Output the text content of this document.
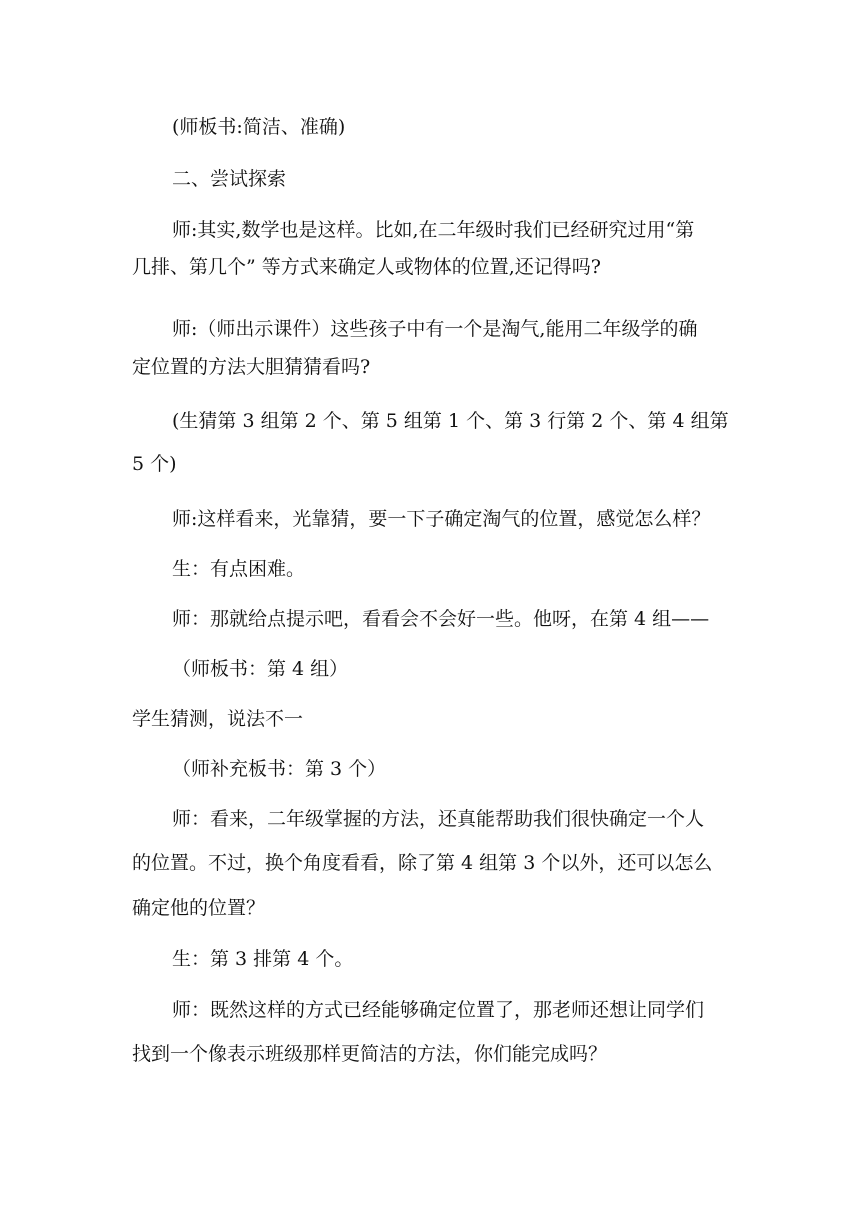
(师板书:简洁、准确)

二、尝试探索

师:其实,数学也是这样。比如,在二年级时我们已经研究过用“第

几排、第几个” 等方式来确定人或物体的位置,还记得吗?

师:（师出示课件）这些孩子中有一个是淘气,能用二年级学的确

定位置的方法大胆猜猜看吗?

(生猜第 3 组第 2 个、第 5 组第 1 个、第 3 行第 2 个、第 4 组第

5 个)

师:这样看来，光靠猜，要一下子确定淘气的位置，感觉怎么样？

生：有点困难。

师：那就给点提示吧，看看会不会好一些。他呀，在第 4 组——

（师板书：第 4 组）

学生猜测，说法不一

（师补充板书：第 3 个）

师：看来，二年级掌握的方法，还真能帮助我们很快确定一个人

的位置。不过，换个角度看看，除了第 4 组第 3 个以外，还可以怎么

确定他的位置？

生：第 3 排第 4 个。

师：既然这样的方式已经能够确定位置了，那老师还想让同学们

找到一个像表示班级那样更简洁的方法，你们能完成吗？
